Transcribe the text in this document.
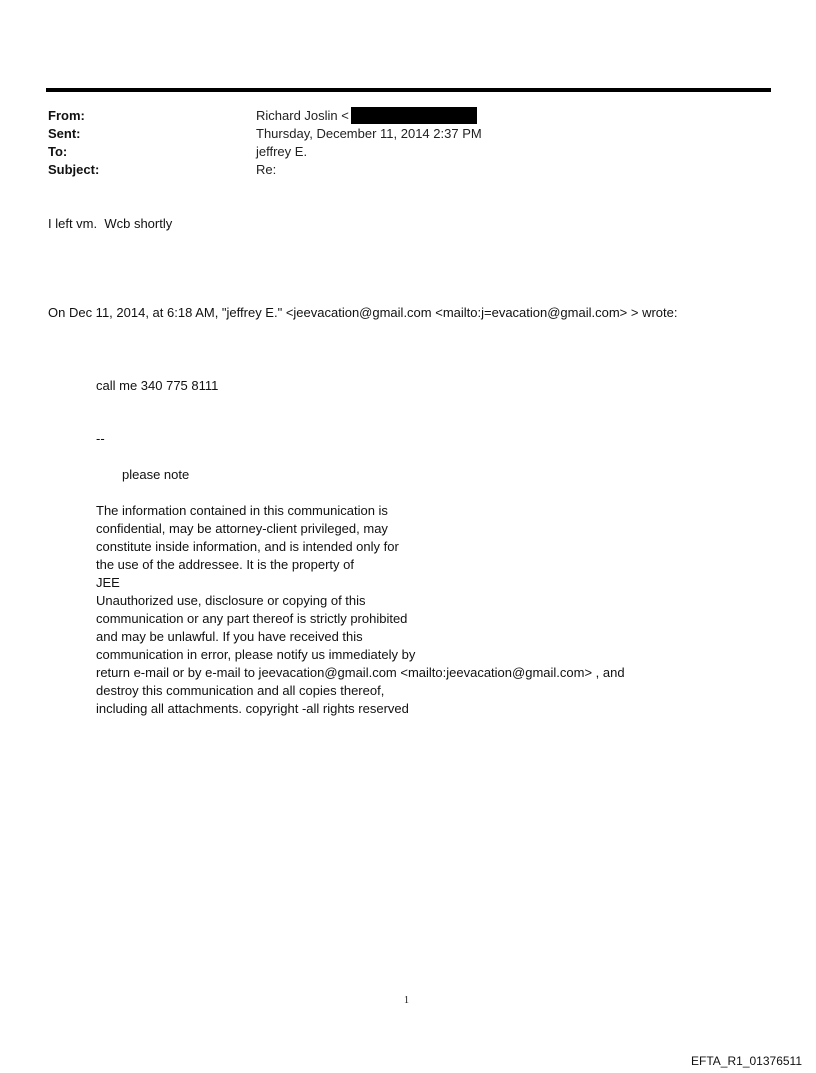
From:	Richard Joslin <
Sent:	Thursday, December 11, 2014 2:37 PM
To:	jeffrey E.
Subject:	Re:
I left vm.  Wcb shortly
On Dec 11, 2014, at 6:18 AM, "jeffrey E." <jeevacation@gmail.com <mailto:j=evacation@gmail.com> > wrote:
call me 340 775 8111
--
please note
The information contained in this communication is
confidential, may be attorney-client privileged, may
constitute inside information, and is intended only for
the use of the addressee. It is the property of
JEE
Unauthorized use, disclosure or copying of this
communication or any part thereof is strictly prohibited
and may be unlawful. If you have received this
communication in error, please notify us immediately by
return e-mail or by e-mail to jeevacation@gmail.com <mailto:jeevacation@gmail.com> , and
destroy this communication and all copies thereof,
including all attachments. copyright -all rights reserved
1
EFTA_R1_01376511
